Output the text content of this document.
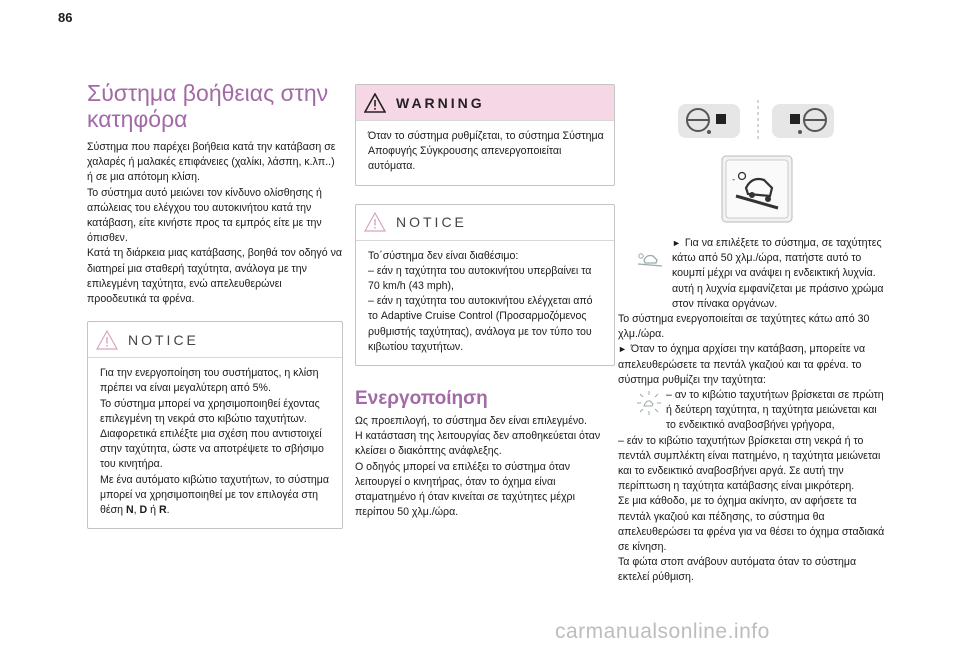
86
Σύστημα βοήθειας στην κατηφόρα

Σύστημα που παρέχει βοήθεια κατά την κατάβαση σε χαλαρές ή μαλακές επιφάνειες (χαλίκι, λάσπη, κ.λπ..) ή σε μια απότομη κλίση.

Το σύστημα αυτό μειώνει τον κίνδυνο ολίσθησης ή απώλειας του ελέγχου του αυτοκινήτου κατά την κατάβαση, είτε κινήστε προς τα εμπρός είτε με την όπισθεν.

Κατά τη διάρκεια μιας κατάβασης, βοηθά τον οδηγό να διατηρεί μια σταθερή ταχύτητα, ανάλογα με την επιλεγμένη ταχύτητα, ενώ απελευθερώνει προοδευτικά τα φρένα.

NOTICE

Για την ενεργοποίηση του συστήματος, η κλίση πρέπει να είναι μεγαλύτερη από 5%.

Το σύστημα μπορεί να χρησιμοποιηθεί έχοντας επιλεγμένη τη νεκρά στο κιβώτιο ταχυτήτων.

Διαφορετικά επιλέξτε μια σχέση που αντιστοιχεί στην ταχύτητα, ώστε να αποτρέψετε το σβήσιμο του κινητήρα.

Με ένα αυτόματο κιβώτιο ταχυτήτων, το σύστημα μπορεί να χρησιμοποιηθεί με τον επιλογέα στη θέση N, D ή R.

WARNING
Όταν το σύστημα ρυθμίζεται, το σύστημα Σύστημα Αποφυγής Σύγκρουσης απενεργοποιείται αυτόματα.
NOTICE

Το΄σύστημα δεν είναι διαθέσιμο:

– εάν η ταχύτητα του αυτοκινήτου υπερβαίνει τα 70 km/h (43 mph),

– εάν η ταχύτητα του αυτοκινήτου ελέγχεται από το Adaptive Cruise Control (Προσαρμοζόμενος ρυθμιστής ταχύτητας), ανάλογα με τον τύπο του κιβωτίου ταχυτήτων.

Ενεργοποίηση

Ως προεπιλογή, το σύστημα δεν είναι επιλεγμένο.

Η κατάσταση της λειτουργίας δεν αποθηκεύεται όταν κλείσει ο διακόπτης ανάφλεξης.

Ο οδηγός μπορεί να επιλέξει το σύστημα όταν λειτουργεί ο κινητήρας, όταν το όχημα είναι σταματημένο ή όταν κινείται σε ταχύτητες μέχρι περίπου 50 χλμ./ώρα.

-

► Για να επιλέξετε το σύστημα, σε ταχύτητες κάτω από 50 χλμ./ώρα, πατήστε αυτό το κουμπί μέχρι να ανάψει η ενδεικτική λυχνία. αυτή η λυχνία εμφανίζεται με πράσινο χρώμα στον πίνακα οργάνων.

Το σύστημα ενεργοποιείται σε ταχύτητες κάτω από 30 χλμ./ώρα.

► Όταν το όχημα αρχίσει την κατάβαση, μπορείτε να απελευθερώσετε τα πεντάλ γκαζιού και τα φρένα. το σύστημα ρυθμίζει την ταχύτητα:

– αν το κιβώτιο ταχυτήτων βρίσκεται σε πρώτη ή δεύτερη ταχύτητα, η ταχύτητα μειώνεται και το ενδεικτικό αναβοσβήνει γρήγορα,

– εάν το κιβώτιο ταχυτήτων βρίσκεται στη νεκρά ή το πεντάλ συμπλέκτη είναι πατημένο, η ταχύτητα μειώνεται και το ενδεικτικό αναβοσβήνει αργά. Σε αυτή την περίπτωση η ταχύτητα κατάβασης είναι μικρότερη.

Σε μια κάθοδο, με το όχημα ακίνητο, αν αφήσετε τα πεντάλ γκαζιού και πέδησης, το σύστημα θα απελευθερώσει τα φρένα για να θέσει το όχημα σταδιακά σε κίνηση.

Τα φώτα στοπ ανάβουν αυτόματα όταν το σύστημα εκτελεί ρύθμιση.

carmanualsonline.info
